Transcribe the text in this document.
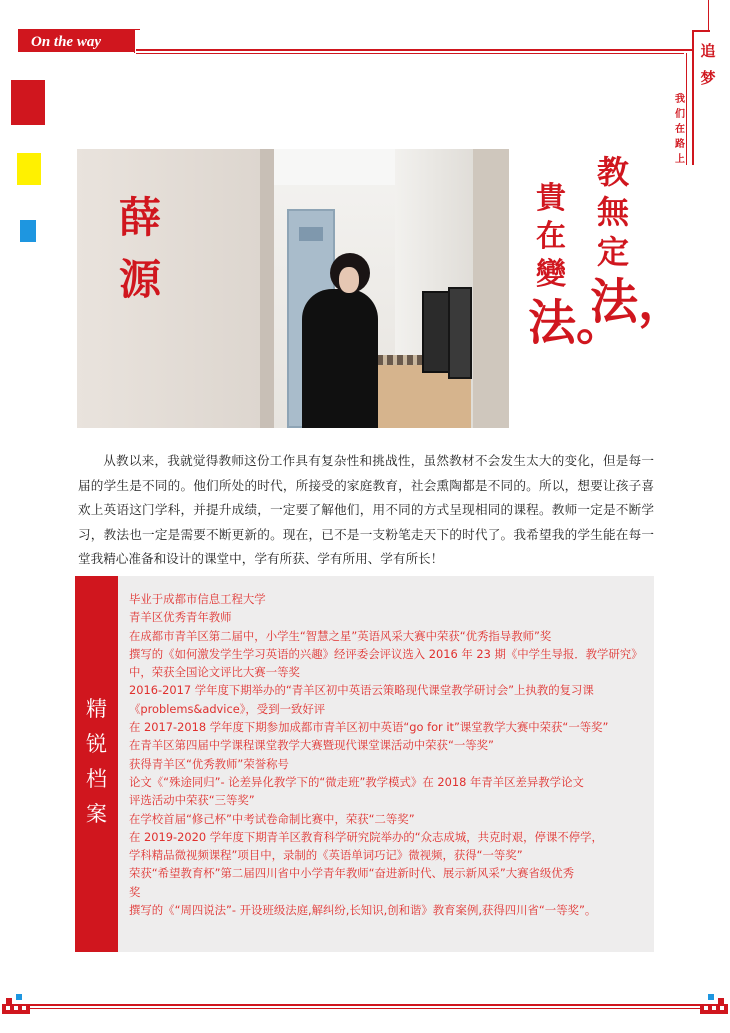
On the way	追
梦
我
们
在
路
上
薛
源
教
無
定
法，
貴
在
變
法。

从教以来，我就觉得教师这份工作具有复杂性和挑战性，虽然教材不会发生太大的变化，但是每一届的学生是不同的。他们所处的时代，所接受的家庭教育，社会熏陶都是不同的。所以，想要让孩子喜欢上英语这门学科，并提升成绩，一定要了解他们，用不同的方式呈现相同的课程。教师一定是不断学习，教法也一定是需要不断更新的。现在，已不是一支粉笔走天下的时代了。我希望我的学生能在每一堂我精心准备和设计的课堂中，学有所获、学有所用、学有所长！

精
锐
档
案
毕业于成都市信息工程大学
青羊区优秀青年教师
在成都市青羊区第二届中，小学生“智慧之星”英语风采大赛中荣获“优秀指导教师”奖
撰写的《如何激发学生学习英语的兴趣》经评委会评议选入 2016 年 23 期《中学生导报．教学研究》
中，荣获全国论文评比大赛一等奖
2016-2017 学年度下期举办的“青羊区初中英语云策略现代课堂教学研讨会”上执教的复习课
《problems&advice》，受到一致好评
在 2017-2018 学年度下期参加成都市青羊区初中英语“go for it”课堂教学大赛中荣获“一等奖”
在青羊区第四届中学课程课堂教学大赛暨现代课堂课活动中荣获“一等奖”
获得青羊区“优秀教师”荣誉称号
论文《“殊途同归”- 论差异化教学下的“微走班”教学模式》在 2018 年青羊区差异教学论文
评选活动中荣获“三等奖”
在学校首届“修己杯”中考试卷命制比赛中，荣获“二等奖”
在 2019-2020 学年度下期青羊区教育科学研究院举办的“众志成城，共克时艰，停课不停学，
学科精品微视频课程”项目中，录制的《英语单词巧记》微视频，获得“一等奖”
荣获“希望教育杯”第二届四川省中小学青年教师“奋进新时代、展示新风采”大赛省级优秀
奖
撰写的《“周四说法”- 开设班级法庭,解纠纷,长知识,创和谐》教育案例,获得四川省“一等奖”。
